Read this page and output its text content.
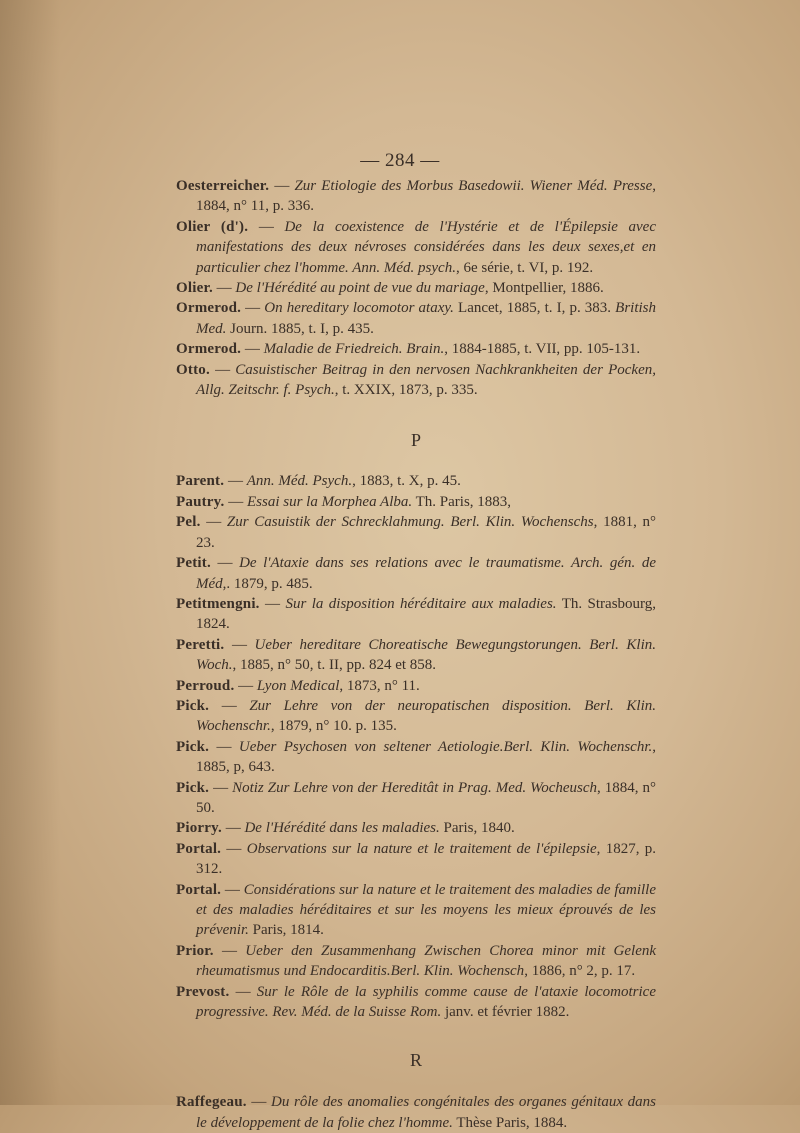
— 284 —

Oesterreicher. — Zur Etiologie des Morbus Basedowii. Wiener Méd. Presse, 1884, n° 11, p. 336.

Olier (d'). — De la coexistence de l'Hystérie et de l'Épilepsie avec manifestations des deux névroses considérées dans les deux sexes,et en particulier chez l'homme. Ann. Méd. psych., 6e série, t. VI, p. 192.

Olier. — De l'Hérédité au point de vue du mariage, Montpellier, 1886.

Ormerod. — On hereditary locomotor ataxy. Lancet, 1885, t. I, p. 383. British Med. Journ. 1885, t. I, p. 435.

Ormerod. — Maladie de Friedreich. Brain., 1884-1885, t. VII, pp. 105-131.

Otto. — Casuistischer Beitrag in den nervosen Nachkrankheiten der Pocken, Allg. Zeitschr. f. Psych., t. XXIX, 1873, p. 335.

P

Parent. — Ann. Méd. Psych., 1883, t. X, p. 45.

Pautry. — Essai sur la Morphea Alba. Th. Paris, 1883,

Pel. — Zur Casuistik der Schrecklahmung. Berl. Klin. Wochenschs, 1881, n° 23.

Petit. — De l'Ataxie dans ses relations avec le traumatisme. Arch. gén. de Méd,. 1879, p. 485.

Petitmengni. — Sur la disposition héréditaire aux maladies. Th. Strasbourg, 1824.

Peretti. — Ueber hereditare Choreatische Bewegungstorungen. Berl. Klin. Woch., 1885, n° 50, t. II, pp. 824 et 858.

Perroud. — Lyon Medical, 1873, n° 11.

Pick. — Zur Lehre von der neuropatischen disposition. Berl. Klin. Wochenschr., 1879, n° 10. p. 135.

Pick. — Ueber Psychosen von seltener Aetiologie.Berl. Klin. Wochenschr., 1885, p, 643.

Pick. — Notiz Zur Lehre von der Hereditât in Prag. Med. Wocheusch, 1884, n° 50.

Piorry. — De l'Hérédité dans les maladies. Paris, 1840.

Portal. — Observations sur la nature et le traitement de l'épilepsie, 1827, p. 312.

Portal. — Considérations sur la nature et le traitement des maladies de famille et des maladies héréditaires et sur les moyens les mieux éprouvés de les prévenir. Paris, 1814.

Prior. — Ueber den Zusammenhang Zwischen Chorea minor mit Gelenk rheumatismus und Endocarditis.Berl. Klin. Wochensch, 1886, n° 2, p. 17.

Prevost. — Sur le Rôle de la syphilis comme cause de l'ataxie locomotrice progressive. Rev. Méd. de la Suisse Rom. janv. et février 1882.

R

Raffegeau. — Du rôle des anomalies congénitales des organes génitaux dans le développement de la folie chez l'homme. Thèse Paris, 1884.
